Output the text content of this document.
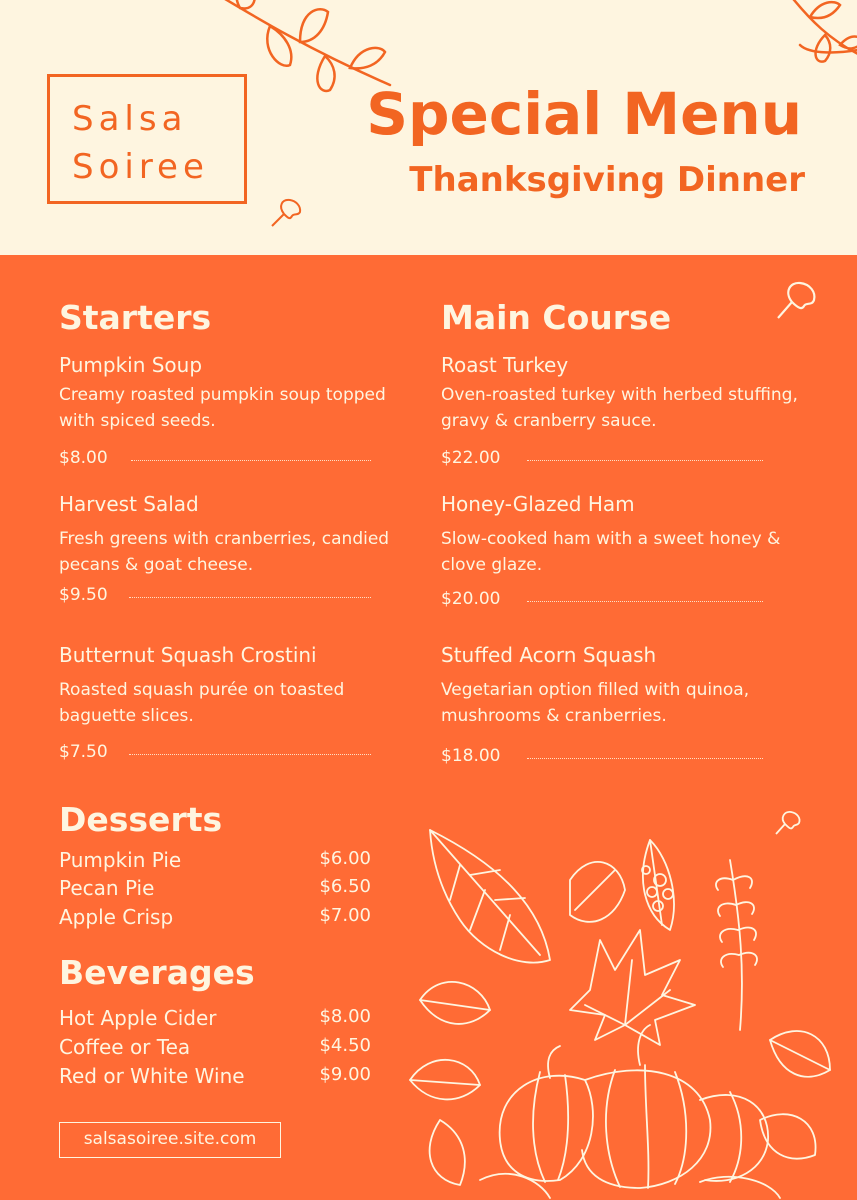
Salsa
Soiree
Special Menu
Thanksgiving Dinner
Starters
Pumpkin Soup
Creamy roasted pumpkin soup topped with spiced seeds.
$8.00
Harvest Salad
Fresh greens with cranberries, candied pecans & goat cheese.
$9.50
Butternut Squash Crostini
Roasted squash purée on toasted baguette slices.
$7.50
Main Course
Roast Turkey
Oven-roasted turkey with herbed stuffing, gravy & cranberry sauce.
$22.00
Honey-Glazed Ham
Slow-cooked ham with a sweet honey & clove glaze.
$20.00
Stuffed Acorn Squash
Vegetarian option filled with quinoa, mushrooms & cranberries.
$18.00
Desserts
Pumpkin Pie	$6.00
Pecan Pie	$6.50
Apple Crisp	$7.00
Beverages
Hot Apple Cider	$8.00
Coffee or Tea	$4.50
Red or White Wine	$9.00
salsasoiree.site.com
